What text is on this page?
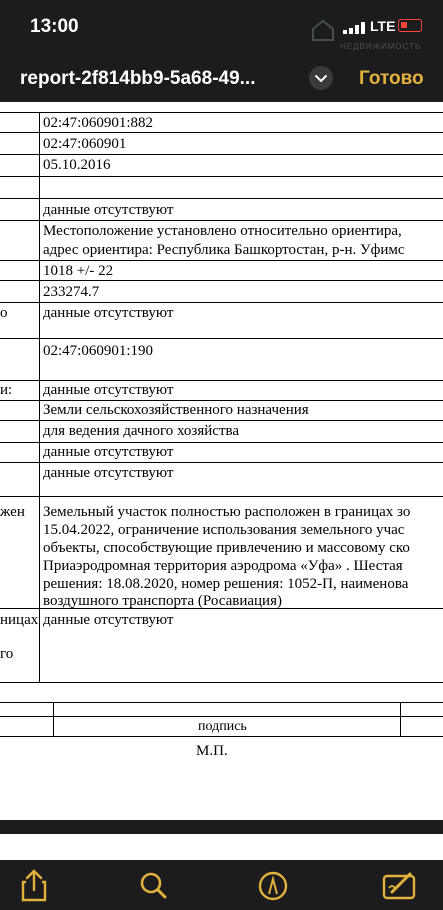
13:00	LTE
НЕДВИЖИМОСТЬ
report-2f814bb9-5a68-49...	Готово
02:47:060901:882
02:47:060901
05.10.2016
данные отсутствуют
Местоположение установлено относительно ориентира,
адрес ориентира: Республика Башкортостан, р-н. Уфимс
1018 +/- 22
233274.7
о данные отсутствуют
02:47:060901:190
и: данные отсутствуют
Земли сельскохозяйственного назначения
для ведения дачного хозяйства
данные отсутствуют
данные отсутствуют
жен Земельный участок полностью расположен в границах зо
15.04.2022, ограничение использования земельного учас
объекты, способствующие привлечению и массовому ско
Приаэродромная территория аэродрома «Уфа» . Шестая
решения: 18.08.2020, номер решения: 1052-П, наименова
воздушного транспорта (Росавиация)
ницах
го
данные отсутствуют
подпись
М.П.
